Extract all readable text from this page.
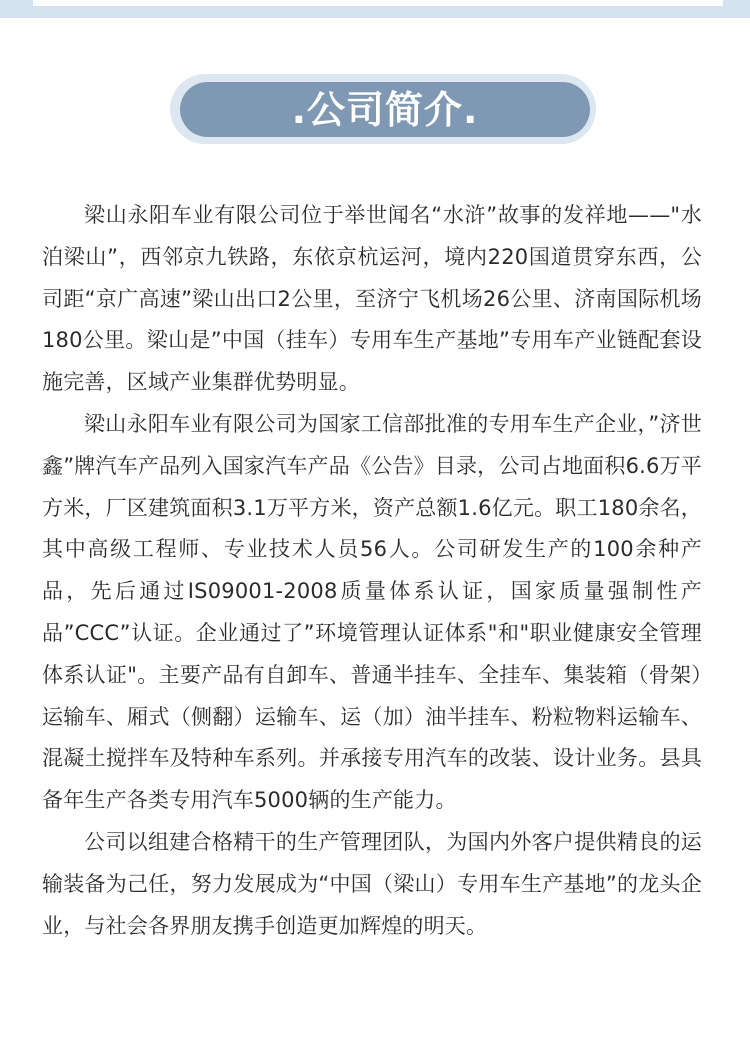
.公司简介.

梁山永阳车业有限公司位于举世闻名“水浒”故事的发祥地——"水泊梁山”，西邻京九铁路，东依京杭运河，境内220国道贯穿东西，公司距“京广高速”梁山出口2公里，至济宁飞机场26公里、济南国际机场180公里。梁山是”中国（挂车）专用车生产基地”专用车产业链配套设施完善，区域产业集群优势明显。

梁山永阳车业有限公司为国家工信部批准的专用车生产企业，”济世鑫”牌汽车产品列入国家汽车产品《公告》目录，公司占地面积6.6万平方米，厂区建筑面积3.1万平方米，资产总额1.6亿元。职工180余名，其中高级工程师、专业技术人员56人。公司研发生产的100余种产品，先后通过IS09001-2008质量体系认证，国家质量强制性产品”CCC”认证。企业通过了”环境管理认证体系"和"职业健康安全管理体系认证"。主要产品有自卸车、普通半挂车、全挂车、集装箱（骨架）运输车、厢式（侧翻）运输车、运（加）油半挂车、粉粒物料运输车、混凝土搅拌车及特种车系列。并承接专用汽车的改装、设计业务。县具备年生产各类专用汽车5000辆的生产能力。

公司以组建合格精干的生产管理团队，为国内外客户提供精良的运输装备为己任，努力发展成为“中国（梁山）专用车生产基地”的龙头企业，与社会各界朋友携手创造更加辉煌的明天。
